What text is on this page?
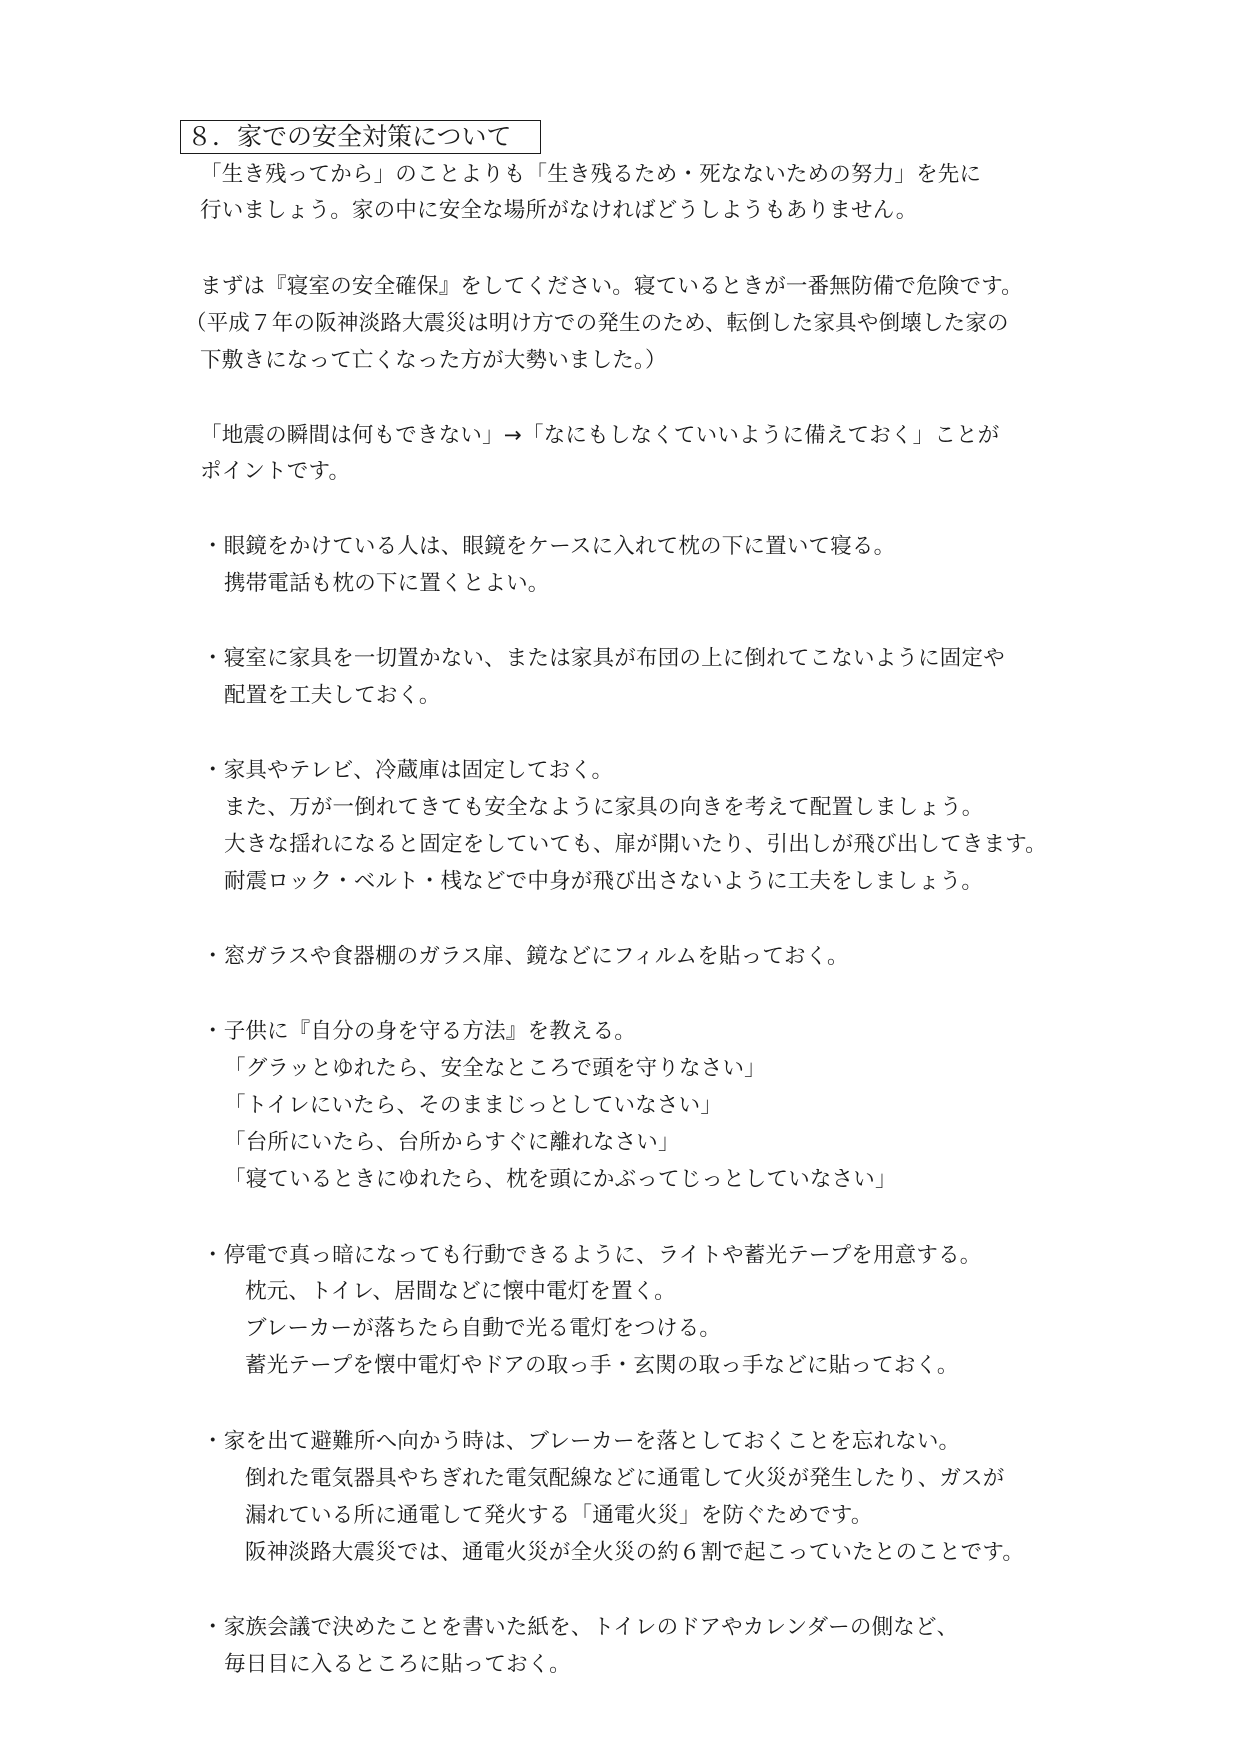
８．家での安全対策について
「生き残ってから」のことよりも「生き残るため・死なないための努力」を先に
行いましょう。家の中に安全な場所がなければどうしようもありません。
まずは『寝室の安全確保』をしてください。寝ているときが一番無防備で危険です。
（平成７年の阪神淡路大震災は明け方での発生のため、転倒した家具や倒壊した家の
下敷きになって亡くなった方が大勢いました。）
「地震の瞬間は何もできない」→「なにもしなくていいように備えておく」ことが
ポイントです。
・眼鏡をかけている人は、眼鏡をケースに入れて枕の下に置いて寝る。
携帯電話も枕の下に置くとよい。
・寝室に家具を一切置かない、または家具が布団の上に倒れてこないように固定や
配置を工夫しておく。
・家具やテレビ、冷蔵庫は固定しておく。
また、万が一倒れてきても安全なように家具の向きを考えて配置しましょう。
大きな揺れになると固定をしていても、扉が開いたり、引出しが飛び出してきます。
耐震ロック・ベルト・桟などで中身が飛び出さないように工夫をしましょう。
・窓ガラスや食器棚のガラス扉、鏡などにフィルムを貼っておく。
・子供に『自分の身を守る方法』を教える。
「グラッとゆれたら、安全なところで頭を守りなさい」
「トイレにいたら、そのままじっとしていなさい」
「台所にいたら、台所からすぐに離れなさい」
「寝ているときにゆれたら、枕を頭にかぶってじっとしていなさい」
・停電で真っ暗になっても行動できるように、ライトや蓄光テープを用意する。
枕元、トイレ、居間などに懐中電灯を置く。
ブレーカーが落ちたら自動で光る電灯をつける。
蓄光テープを懐中電灯やドアの取っ手・玄関の取っ手などに貼っておく。
・家を出て避難所へ向かう時は、ブレーカーを落としておくことを忘れない。
倒れた電気器具やちぎれた電気配線などに通電して火災が発生したり、ガスが
漏れている所に通電して発火する「通電火災」を防ぐためです。
阪神淡路大震災では、通電火災が全火災の約６割で起こっていたとのことです。
・家族会議で決めたことを書いた紙を、トイレのドアやカレンダーの側など、
毎日目に入るところに貼っておく。
